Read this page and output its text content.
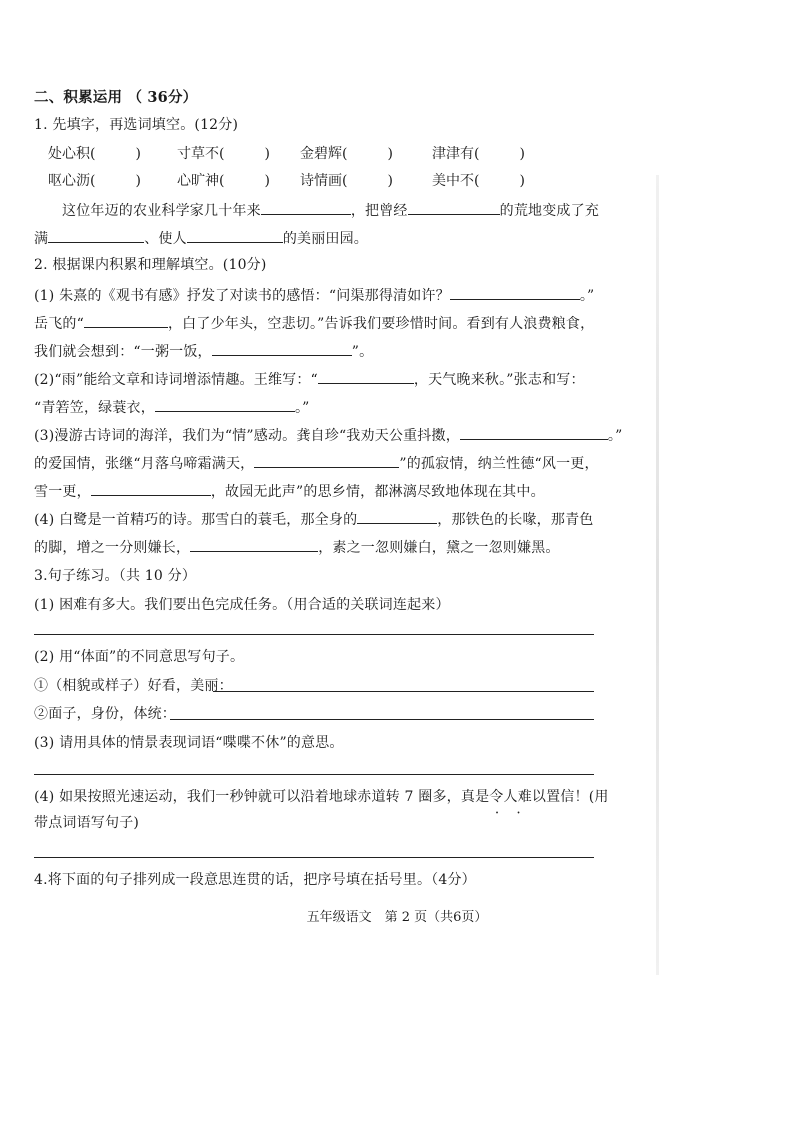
二、积累运用 （ 36分）
1. 先填字，再选词填空。(12分)
处心积(	)	寸草不(	) 金碧辉(	)	津津有(	)
呕心沥(	)	心旷神(	) 诗情画(	)	美中不(	)
这位年迈的农业科学家几十年来	，把曾经	的荒地变成了充
满	、使人	的美丽田园。
2. 根据课内积累和理解填空。(10分)
(1) 朱熹的《观书有感》抒发了对读书的感悟：“问渠那得清如许？	。”
岳飞的“	，白了少年头，空悲切。”告诉我们要珍惜时间。看到有人浪费粮食，
我们就会想到：“一粥一饭，	”。
(2)“雨”能给文章和诗词增添情趣。王维写：“	，天气晚来秋。”张志和写：
“青箬笠，绿蓑衣，	。”
(3)漫游古诗词的海洋，我们为“情”感动。龚自珍“我劝天公重抖擞，	。”
的爱国情，张继“月落乌啼霜满天，	”的孤寂情，纳兰性德“风一更，
雪一更，	，故园无此声”的思乡情，都淋漓尽致地体现在其中。
(4) 白鹭是一首精巧的诗。那雪白的蓑毛，那全身的	，那铁色的长喙，那青色
的脚，增之一分则嫌长，	，素之一忽则嫌白，黛之一忽则嫌黑。
3.句子练习。（共 10 分）
(1) 困难有多大。我们要出色完成任务。（用合适的关联词连起来）
(2) 用“体面”的不同意思写句子。
①（相貌或样子）好看，美丽：
②面子，身份，体统：
(3) 请用具体的情景表现词语“喋喋不休”的意思。
(4) 如果按照光速运动，我们一秒钟就可以沿着地球赤道转 7 圈多，真是令人难以置信 • •！(用
带点词语写句子)
4.将下面的句子排列成一段意思连贯的话，把序号填在括号里。（4分）
五年级语文　第 2 页（共6页）
